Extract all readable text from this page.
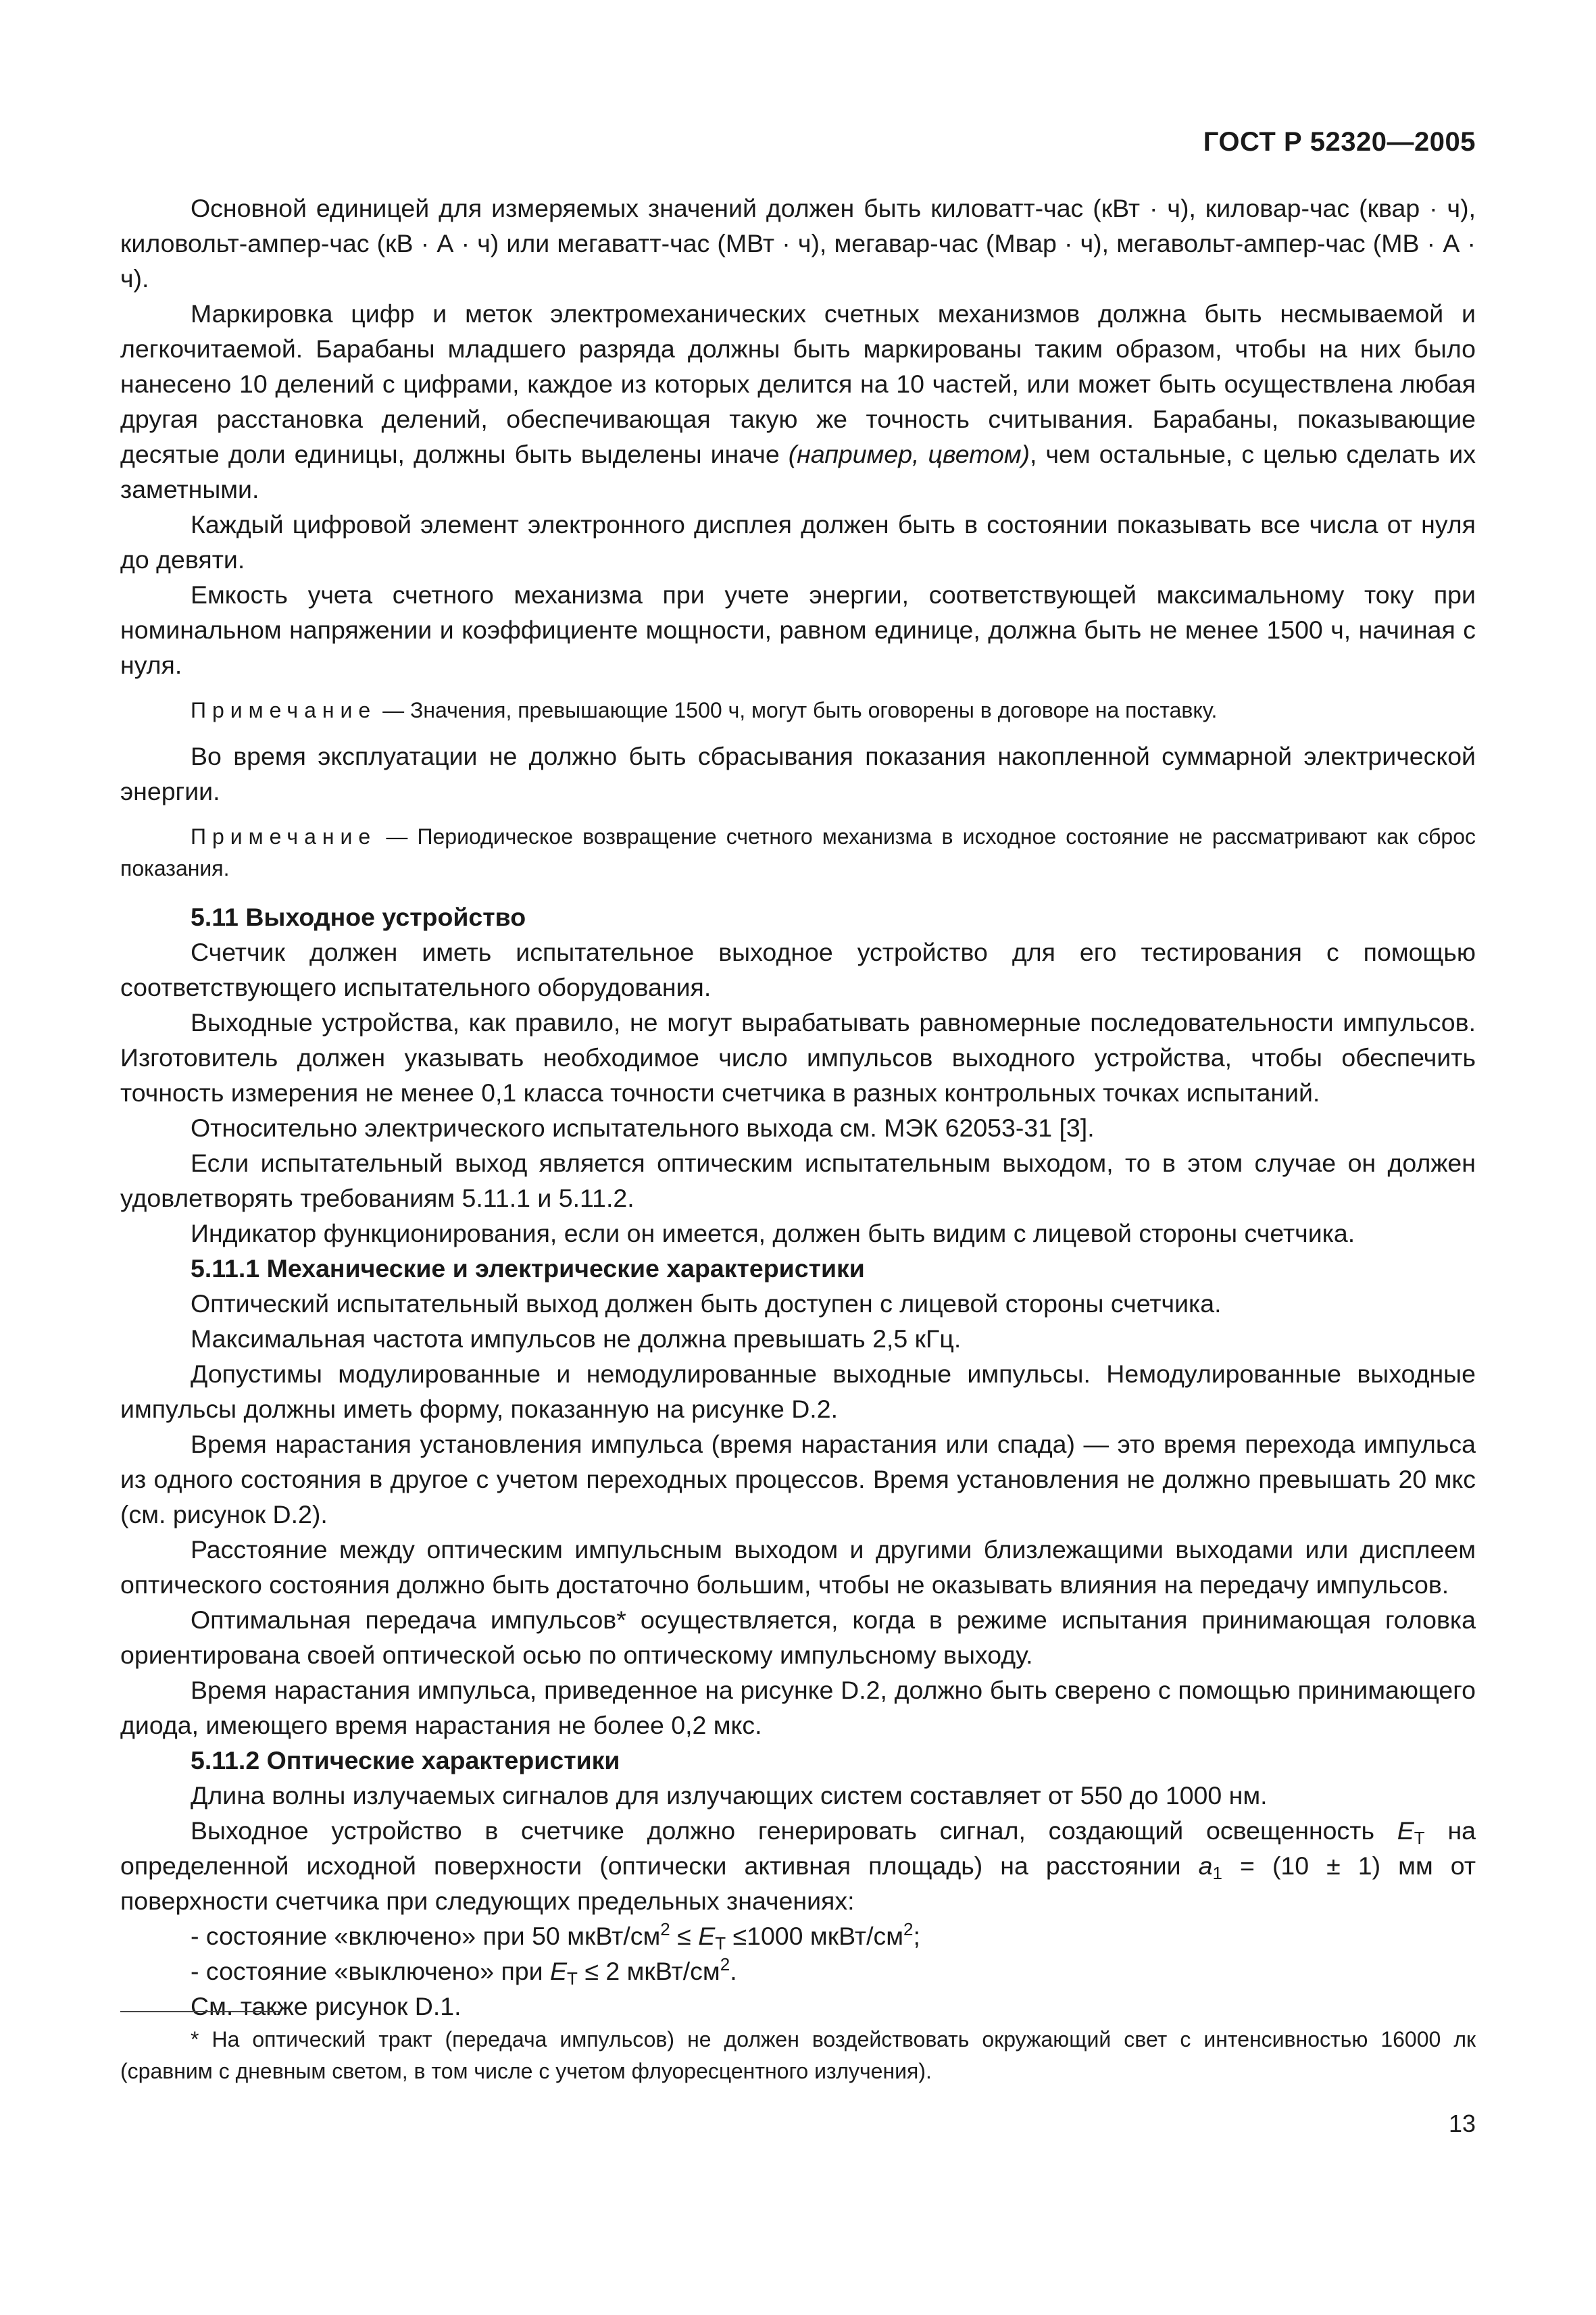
ГОСТ Р 52320—2005

Основной единицей для измеряемых значений должен быть киловатт-час (кВт · ч), киловар-час (квар · ч), киловольт-ампер-час (кВ · А · ч) или мегаватт-час (МВт · ч), мегавар-час (Мвар · ч), мегавольт-ампер-час (МВ · А · ч).

Маркировка цифр и меток электромеханических счетных механизмов должна быть несмываемой и легкочитаемой. Барабаны младшего разряда должны быть маркированы таким образом, чтобы на них было нанесено 10 делений с цифрами, каждое из которых делится на 10 частей, или может быть осуществлена любая другая расстановка делений, обеспечивающая такую же точность считывания. Барабаны, показывающие десятые доли единицы, должны быть выделены иначе (например, цветом), чем остальные, с целью сделать их заметными.

Каждый цифровой элемент электронного дисплея должен быть в состоянии показывать все числа от нуля до девяти.

Емкость учета счетного механизма при учете энергии, соответствующей максимальному току при номинальном напряжении и коэффициенте мощности, равном единице, должна быть не менее 1500 ч, начиная с нуля.

Примечание — Значения, превышающие 1500 ч, могут быть оговорены в договоре на поставку.

Во время эксплуатации не должно быть сбрасывания показания накопленной суммарной электрической энергии.

Примечание — Периодическое возвращение счетного механизма в исходное состояние не рассматривают как сброс показания.

5.11 Выходное устройство

Счетчик должен иметь испытательное выходное устройство для его тестирования с помощью соответствующего испытательного оборудования.

Выходные устройства, как правило, не могут вырабатывать равномерные последовательности импульсов. Изготовитель должен указывать необходимое число импульсов выходного устройства, чтобы обеспечить точность измерения не менее 0,1 класса точности счетчика в разных контрольных точках испытаний.

Относительно электрического испытательного выхода см. МЭК 62053-31 [3].

Если испытательный выход является оптическим испытательным выходом, то в этом случае он должен удовлетворять требованиям 5.11.1 и 5.11.2.

Индикатор функционирования, если он имеется, должен быть видим с лицевой стороны счетчика.

5.11.1 Механические и электрические характеристики

Оптический испытательный выход должен быть доступен с лицевой стороны счетчика.

Максимальная частота импульсов не должна превышать 2,5 кГц.

Допустимы модулированные и немодулированные выходные импульсы. Немодулированные выходные импульсы должны иметь форму, показанную на рисунке D.2.

Время нарастания установления импульса (время нарастания или спада) — это время перехода импульса из одного состояния в другое с учетом переходных процессов. Время установления не должно превышать 20 мкс (см. рисунок D.2).

Расстояние между оптическим импульсным выходом и другими близлежащими выходами или дисплеем оптического состояния должно быть достаточно большим, чтобы не оказывать влияния на передачу импульсов.

Оптимальная передача импульсов* осуществляется, когда в режиме испытания принимающая головка ориентирована своей оптической осью по оптическому импульсному выходу.

Время нарастания импульса, приведенное на рисунке D.2, должно быть сверено с помощью принимающего диода, имеющего время нарастания не более 0,2 мкс.

5.11.2 Оптические характеристики

Длина волны излучаемых сигналов для излучающих систем составляет от 550 до 1000 нм.

Выходное устройство в счетчике должно генерировать сигнал, создающий освещенность $E_T$ на определенной исходной поверхности (оптически активная площадь) на расстоянии $a_1 = (10 \pm 1)$ мм от поверхности счетчика при следующих предельных значениях:

- состояние «включено» при 50 мкВт/$см^2 \le E_T \le 1000$ мкВт/$см^2$;

- состояние «выключено» при $E_T \le 2$ мкВт/$см^2$.

См. также рисунок D.1.

* На оптический тракт (передача импульсов) не должен воздействовать окружающий свет с интенсивностью 16000 лк (сравним с дневным светом, в том числе с учетом флуоресцентного излучения).

13
